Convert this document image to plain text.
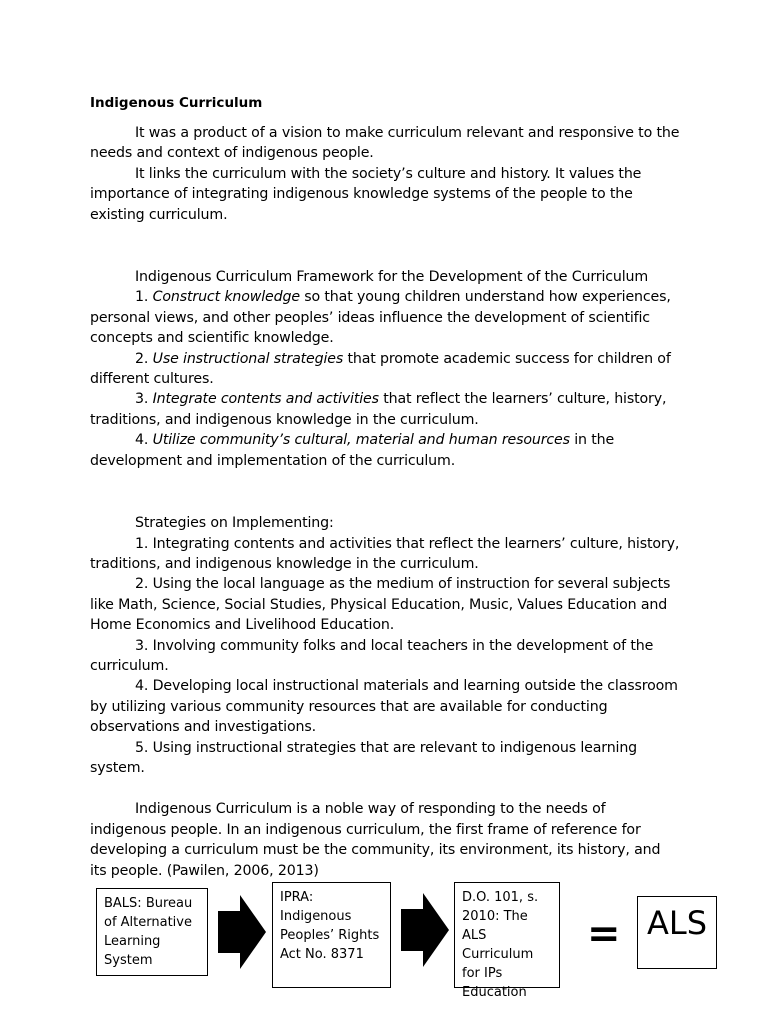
Indigenous Curriculum

It was a product of a vision to make curriculum relevant and responsive to the needs and context of indigenous people.

It links the curriculum with the society’s culture and history. It values the importance of integrating indigenous knowledge systems of the people to the existing curriculum.

Indigenous Curriculum Framework for the Development of the Curriculum

1. Construct knowledge so that young children understand how experiences, personal views, and other peoples’ ideas influence the development of scientific concepts and scientific knowledge.

2. Use instructional strategies that promote academic success for children of different cultures.

3. Integrate contents and activities that reflect the learners’ culture, history, traditions, and indigenous knowledge in the curriculum.

4. Utilize community’s cultural, material and human resources in the development and implementation of the curriculum.

Strategies on Implementing:

1. Integrating contents and activities that reflect the learners’ culture, history, traditions, and indigenous knowledge in the curriculum.

2. Using the local language as the medium of instruction for several subjects like Math, Science, Social Studies, Physical Education, Music, Values Education and Home Economics and Livelihood Education.

3. Involving community folks and local teachers in the development of the curriculum.

4. Developing local instructional materials and learning outside the classroom by utilizing various community resources that are available for conducting observations and investigations.

5. Using instructional strategies that are relevant to indigenous learning system.

Indigenous Curriculum is a noble way of responding to the needs of indigenous people. In an indigenous curriculum, the first frame of reference for developing a curriculum must be the community, its environment, its history, and its people. (Pawilen, 2006, 2013)

BALS: Bureau of Alternative Learning System
IPRA: Indigenous Peoples’ Rights Act No. 8371
D.O. 101, s. 2010: The ALS Curriculum for IPs Education
= ALS
